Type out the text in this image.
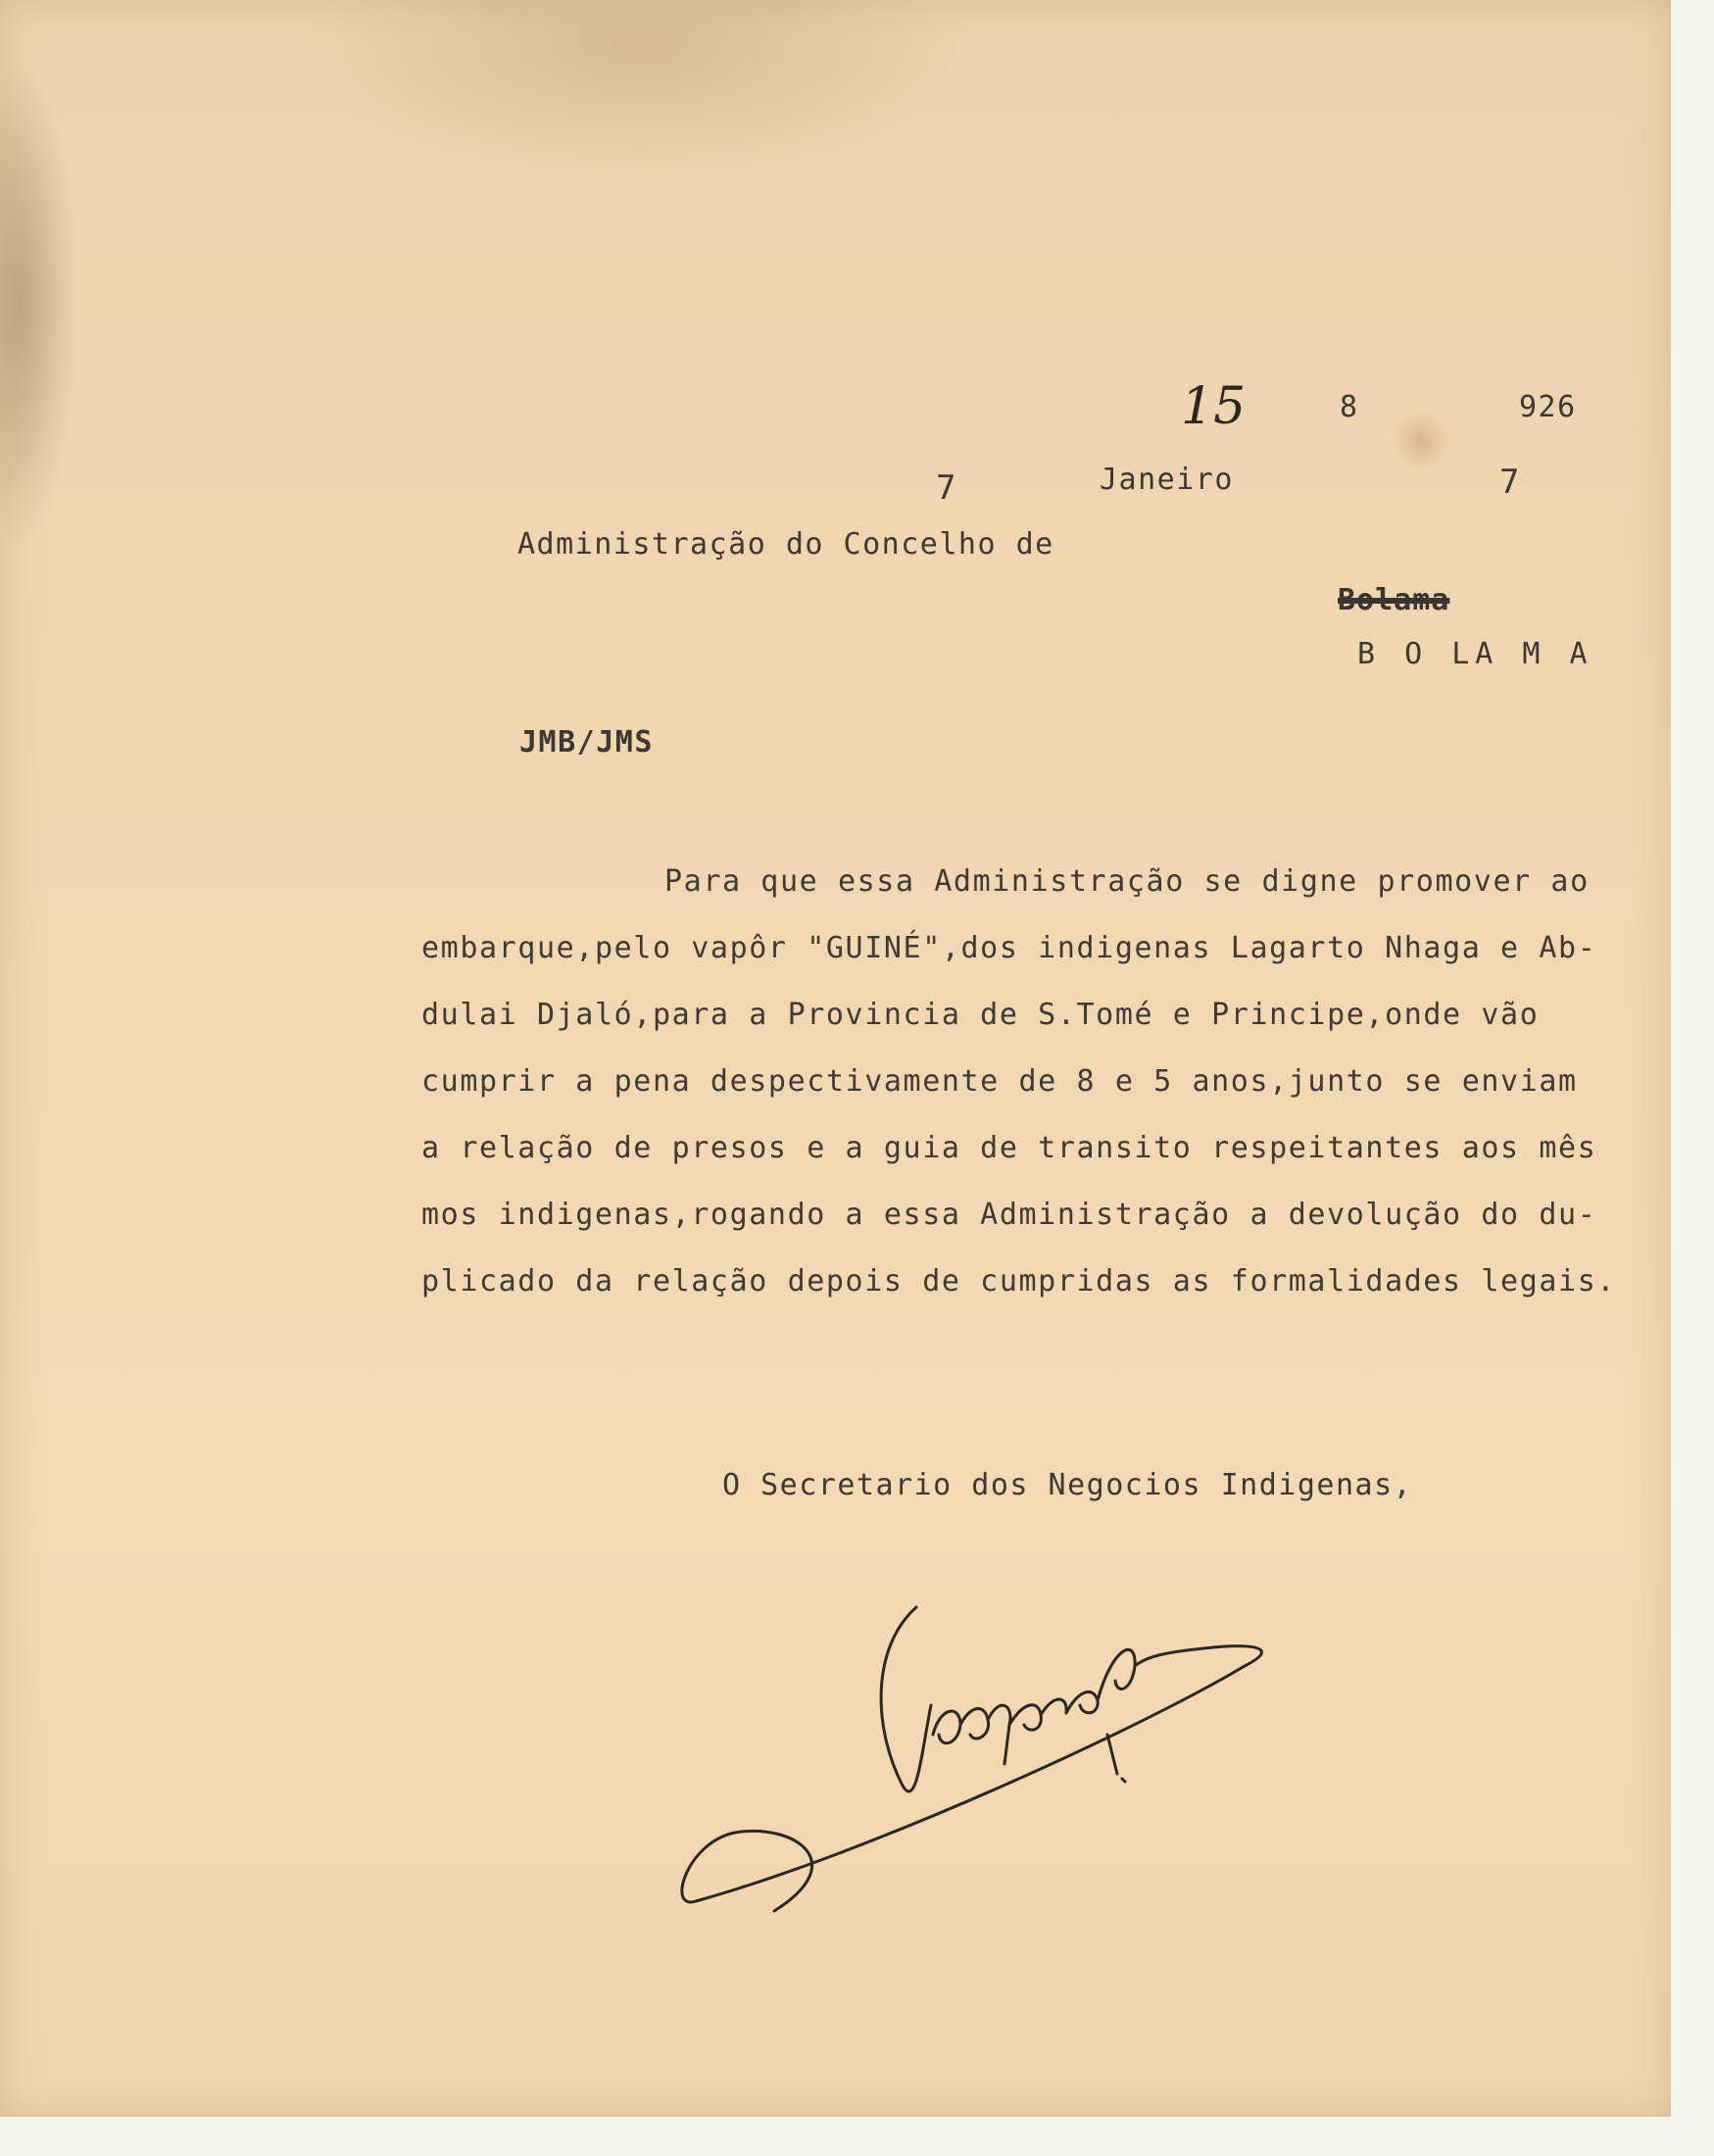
15	8	926
7	Janeiro	7
Administração do Concelho de
Bolama
B O LA M A
JMB/JMS
Para que essa Administração se digne promover ao
embarque,pelo vapôr "GUINÉ",dos indigenas Lagarto Nhaga e Ab-
dulai Djaló,para a Provincia de S.Tomé e Principe,onde vão
cumprir a pena despectivamente de 8 e 5 anos,junto se enviam
a relação de presos e a guia de transito respeitantes aos mês
mos indigenas,rogando a essa Administração a devolução do du-
plicado da relação depois de cumpridas as formalidades legais.
O Secretario dos Negocios Indigenas,
